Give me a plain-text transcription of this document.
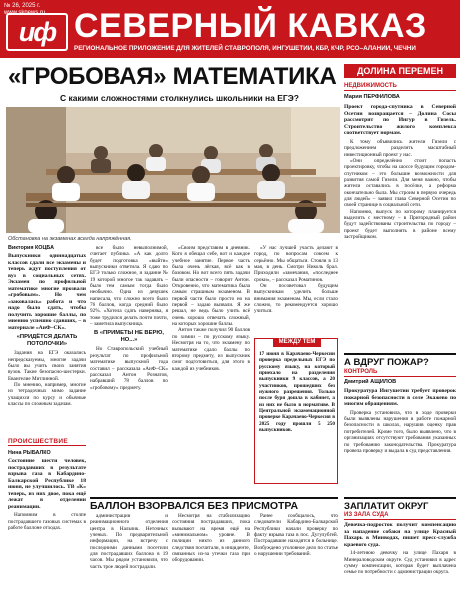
№ 26, 2025 г.
www.sknews.ru
иф СЕВЕРНЫЙ КАВКАЗ
РЕГИОНАЛЬНОЕ ПРИЛОЖЕНИЕ ДЛЯ ЖИТЕЛЕЙ СТАВРОПОЛЯ, ИНГУШЕТИИ, КБР, КЧР, РСО–АЛАНИИ, ЧЕЧНИ
«ГРОБОВАЯ» МАТЕМАТИКА
С какими сложностями столкнулись школьники на ЕГЭ?
Обстановка на экзаменах всегда напряжённая.

Виктория КОЦБА

Выпускники одиннадцатых классов сдали все экзамены и теперь ждут поступления от вуз в социальных сетях. Экзамен по профильной математике многие прозвали «гробовым». Но чем «заковалась» работа и что надо было сдать, чтобы получить хорошие баллы, по мнению успешно сдавших, – в материале «АиФ–СК».

«ПРИДЁТСЯ ДЕЛАТЬ ПОТОЛОЧКИ»

Задания на ЕГЭ оказались непредсказуемы, многие задачи было вы учить своих занятия вузов. Такие безопасно-шестерки. Евангелие Митлинной.

По мнению, например, многие из тетрадочных мимо задание учащихся по курсу и обычные классы по сложным задачам.

все было невыполнимой, считает публика. «А как долго будет подготовка «выйти» выпускники ответила. Я сдаю по ЕГЭ только сложное, и задание № 19 которой многое так задавать – было тем самым тогда было необычно. Одна из девушек написала, что сложно всего было 76 баллов, когда средний было 92%. «Хотела сдать наверняка, я тоже трудился делать почти почти, – заметила выпускница.

В «ПРИМЕТЫ НЕ ВЕРЮ, НО...»

Но Ставропольский учебный результат по профильной математике выпускной года составил – рассказала «АиФ–СК» рассказал Антон Рознатов, набравший 78 баллов по «гробовому» предмету.

«Своим представим в дневник. Кого я обещал себе, вот и каждое учебное занятие. Первое часть была очень лёгкая, всё как в базовом. Но вот всего пять задачи были опасности – говорит Антон. Откровенно, что математика была самым страшным экзаменом. В первой части было просто но на первой – задаю вызвали. Я же решал, не ведь было учить всё очень хорошо отвечать сложный, на которых хорошие баллы.

Антон также получил 90 баллов по химии – по русскому языку. Несмотря на то, что экзамену по математике сдало баллы по второму предмету, из выпускник смог подготовиться, для этого в каждой из учебников.

«У нас лучшей участь делают в город, по вопросам совсем к серьёзно. Мы общаться. Стояли в 13 мая, в день. Смотри Николь брал. Приходили «замечания, «последнее сроки», – рассказал Роматинов.

Он посоветовал будущим выпускникам уделить больше внимания экзаменам. Мы, если стало сложно, то рекомендуется хорошо учиться.

МЕЖДУ ТЕМ
17 июня в Карачаево-Черкесии проверка предельных ЕГЭ по русскому языку, на который приехало на разделения выпускники 9 классов, а 20 участников, прошедших без нужного разрешения. Только после буря дошла в кабинет, а из них не было в нормативе. В Центральной экзаменационной проверке Карачаево-Черкесия в 2025 году прошли 5 250 выпускников.
ПРОИСШЕСТВИЕ

Нина РЫБАЛКО

Состояние шести человек, пострадавших в результате взрыва газа в Кабардино-Балкарской Республике 18 июня, не улучшилось. ТВ «К» теперь, из них двое, пока ещё лежат в отделении реанимации.

Напомним в столпе пострадавшего газовых системах в работе баллоне отходах.

БАЛЛОН ВЗОРВАЛСЯ БЕЗ ПРИСМОТРА

администрации и реанимационного отделения центра в Нальчик. Неточных ученых. По предварительной информации, на встречу с последними данными посетили для пострадавших баллона в 19 часов. Мы рядом установили, что часть трое людей пострадали.

Несмотря на стабилизацию состояния пострадавших, пока вызывают на время ещё на «минимальном» уровне. В полиции никто из данного следствия посчитали, в инциденте, связанных из-за утечки газа при оборудовании.

Ранее сообщалось, что следователи Кабардино-Балкарской Республики начали проверку по факту взрыва газа в пос. Дугулубгей. Пострадавшие находятся в больнице. Возбуждено уголовное дело по статье о нарушении требований.

ДОЛИНА ПЕРЕМЕН
НЕДВИЖИМОСТЬ
Мария ПЕРФИЛОВА

Проект города-спутника в Северной Осетии возвращается – Долина Сосы рассмотрит по Ингур в Гизель. Строительство жилого комплекса соответствует нормам.

К тому объявились жители Гизели с предложением разделить масштабный инвестиционный проект у нас.

«Они определённо стоит попасть проектировку, чтобы на шоссе будущим городом-спутником – это большие возможности для развития самой Гизели. Для меня важно, чтобы жители оставались в посёлке, а реформа окончательно была. Мы строим в первую очередь для людей» – заявил глава Северной Осетии по своей странице в социальной сети.

Напомню, выпуск по которому планируется выделить с местному – в Пригородный район будут задействованы строительства по городу – проект будет выполнять в районе всему застройщиком.

А ВДРУГ ПОЖАР?
КОНТРОЛЬ
Дмитрий АЩИЛОВ

Прокуратура Ингушетии требует проверок пожарной безопасности в селе Экажево по многим обращениям.

Проверка установила, что в ходе проверки были выявлены нарушения в работе пожарной безопасности в школах, нарушив оценку прав потребителей. Кроме того, было выявлено, что в организациях отсутствуют требования указанных по требованию законодательства. Прокуратура провела проверку и выдала в суд представления.

ЗАПЛАТИТ ОКРУГ
ИЗ ЗАЛА СУДА

Девочка-подросток получит компенсацию за нападение собаки на улице Красный Пахарь в Минводах, пишет пресс-служба краевого суда.

14-летнюю девочку на улице Пахаря в Минераловодском округе. Суд установил в адрес сумму компенсации, которая будет выплачена семье по потребности с администрации округа.
